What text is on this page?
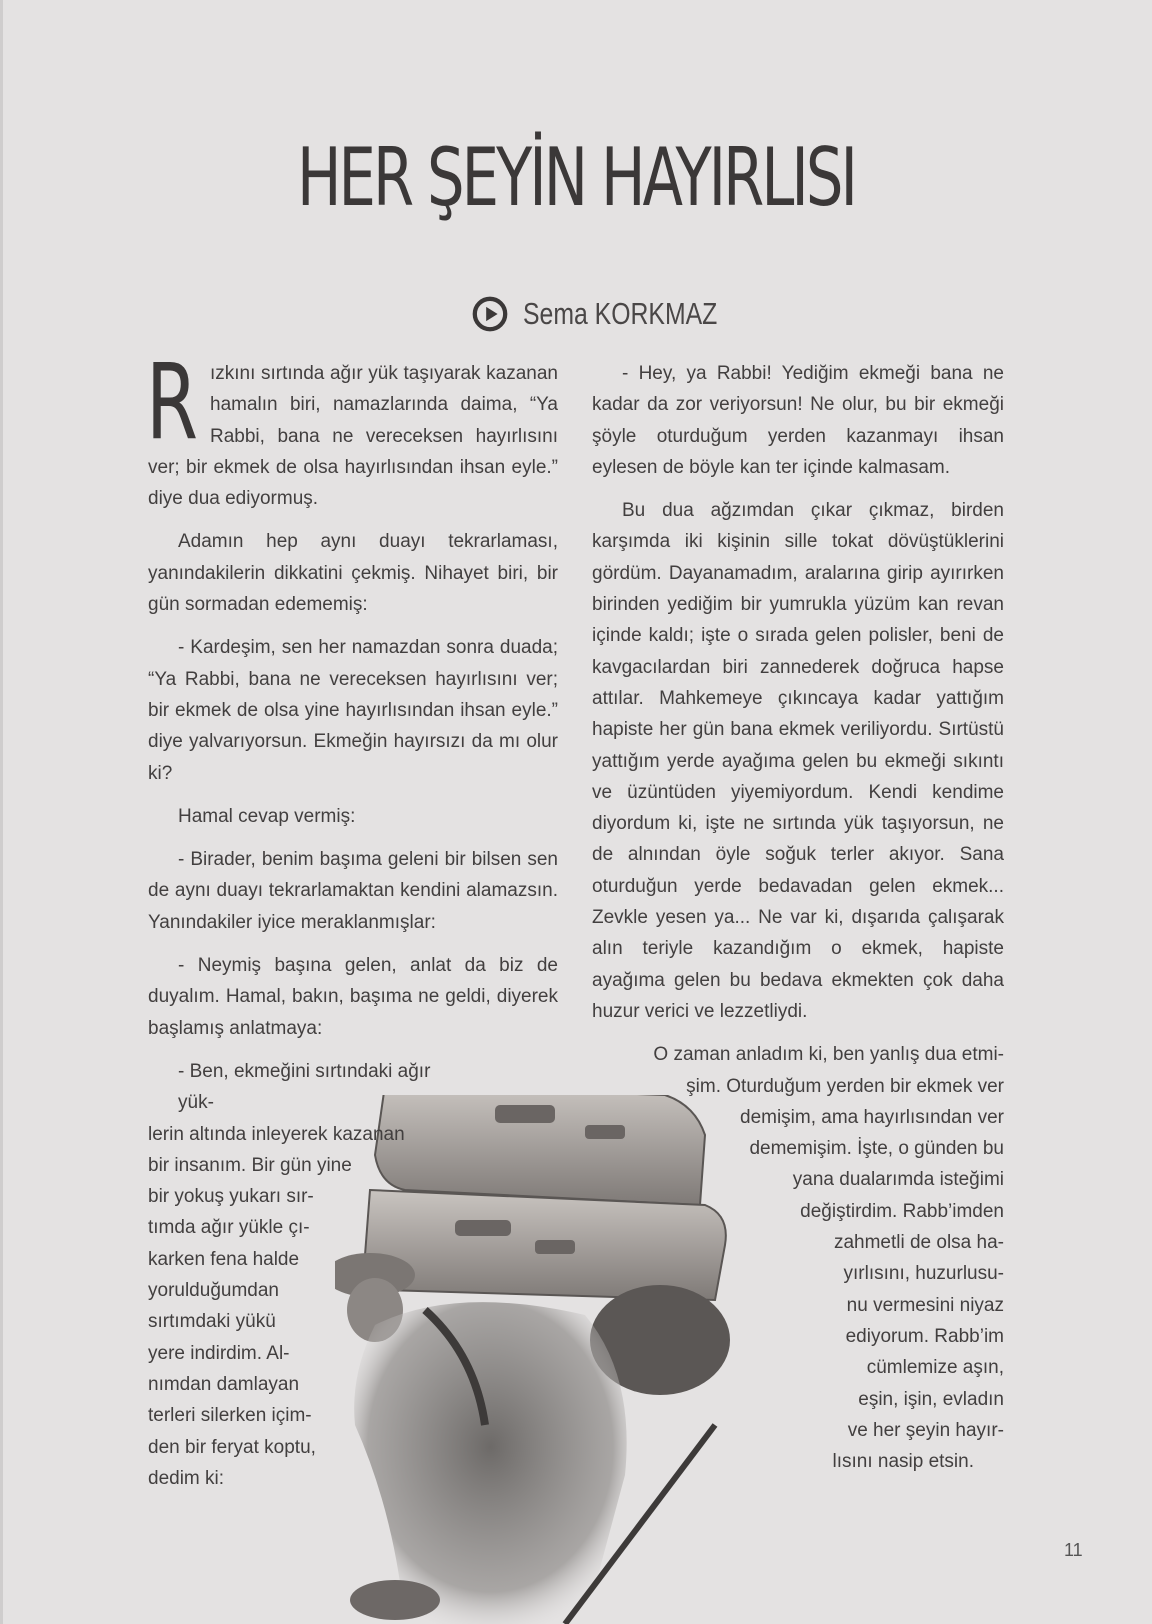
HER ŞEYİN HAYIRLISI
Sema KORKMAZ

Rızkını sırtında ağır yük taşıyarak kazanan hamalın biri, namazlarında daima, “Ya Rabbi, bana ne vereceksen hayırlısını ver; bir ekmek de olsa hayırlısından ihsan eyle.” diye dua ediyormuş.

Adamın hep aynı duayı tekrarlaması, yanındakilerin dikkatini çekmiş. Nihayet biri, bir gün sormadan edememiş:

- Kardeşim, sen her namazdan sonra duada; “Ya Rabbi, bana ne vereceksen hayırlısını ver; bir ekmek de olsa yine hayırlısından ihsan eyle.” diye yalvarıyorsun. Ekmeğin hayırsızı da mı olur ki?

Hamal cevap vermiş:

- Birader, benim başıma geleni bir bilsen sen de aynı duayı tekrarlamaktan kendini alamazsın. Yanındakiler iyice meraklanmışlar:

- Neymiş başına gelen, anlat da biz de duyalım. Hamal, bakın, başıma ne geldi, diyerek başlamış anlatmaya:

- Ben, ekmeğini sırtındaki ağır yük-
lerin altında inleyerek kazanan
bir insanım. Bir gün yine
bir yokuş yukarı sır-
tımda ağır yükle çı-
karken fena halde
yorulduğumdan
sırtımdaki yükü
yere indirdim. Al-
nımdan damlayan
terleri silerken içim-
den bir feryat koptu,
dedim ki:

- Hey, ya Rabbi! Yediğim ekmeği bana ne kadar da zor veriyorsun! Ne olur, bu bir ekmeği şöyle oturduğum yerden kazanmayı ihsan eylesen de böyle kan ter içinde kalmasam.

Bu dua ağzımdan çıkar çıkmaz, birden karşımda iki kişinin sille tokat dövüştüklerini gördüm. Dayanamadım, aralarına girip ayırırken birinden yediğim bir yumrukla yüzüm kan revan içinde kaldı; işte o sırada gelen polisler, beni de kavgacılardan biri zannederek doğruca hapse attılar. Mahkemeye çıkıncaya kadar yattığım hapiste her gün bana ekmek veriliyordu. Sırtüstü yattığım yerde ayağıma gelen bu ekmeği sıkıntı ve üzüntüden yiyemiyordum. Kendi kendime diyordum ki, işte ne sırtında yük taşıyorsun, ne de alnından öyle soğuk terler akıyor. Sana oturduğun yerde bedavadan gelen ekmek... Zevkle yesen ya... Ne var ki, dışarıda çalışarak alın teriyle kazandığım o ekmek, hapiste ayağıma gelen bu bedava ekmekten çok daha huzur verici ve lezzetliydi.

O zaman anladım ki, ben yanlış dua etmi-
şim. Oturduğum yerden bir ekmek ver
demişim, ama hayırlısından ver
dememişim. İşte, o günden bu
yana dualarımda isteğimi
değiştirdim. Rabb’imden
zahmetli de olsa ha-
yırlısını, huzurlusu-
nu vermesini niyaz
ediyorum. Rabb’im
cümlemize aşın,
eşin, işin, evladın
ve her şeyin hayır-
lısını nasip etsin.
11
